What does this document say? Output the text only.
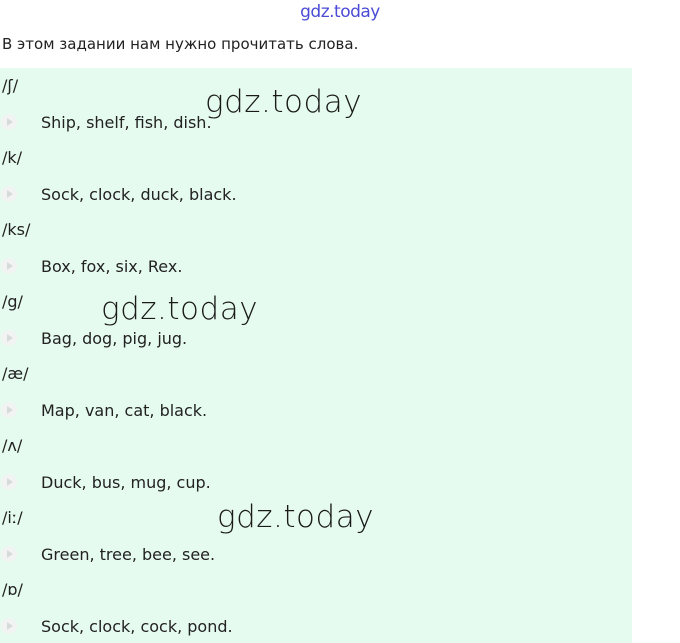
gdz.today
В этом задании нам нужно прочитать слова.
/ʃ/
Ship, shelf, fish, dish.
/k/
Sock, clock, duck, black.
/ks/
Box, fox, six, Rex.
/g/
Bag, dog, pig, jug.
/æ/
Map, van, cat, black.
/ʌ/
Duck, bus, mug, cup.
/iː/
Green, tree, bee, see.
/ɒ/
Sock, clock, cock, pond.
gdz.today
gdz.today
gdz.today
